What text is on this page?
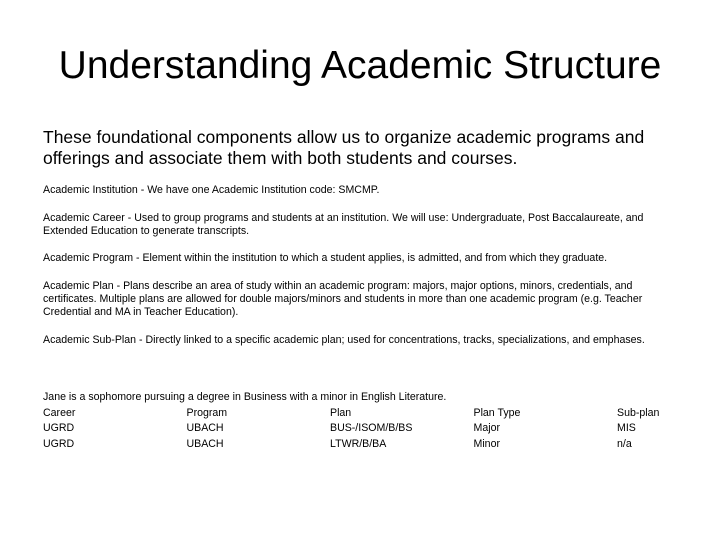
Understanding Academic Structure
These foundational components allow us to organize academic programs and offerings and associate them with both students and courses.
Academic Institution - We have one Academic Institution code: SMCMP.
Academic Career - Used to group programs and students at an institution. We will use: Undergraduate, Post Baccalaureate, and Extended Education to generate transcripts.
Academic Program - Element within the institution to which a student applies, is admitted, and from which they graduate.
Academic Plan - Plans describe an area of study within an academic program: majors, major options, minors, credentials, and certificates. Multiple plans are allowed for double majors/minors and students in more than one academic program (e.g. Teacher Credential and MA in Teacher Education).
Academic Sub-Plan - Directly linked to a specific academic plan; used for concentrations, tracks, specializations, and emphases.
Jane is a sophomore pursuing a degree in Business with a minor in English Literature.
Career	Program	Plan	Plan Type	Sub-plan
UGRD	UBACH	BUS-/ISOM/B/BS	Major	MIS
UGRD	UBACH	LTWR/B/BA	Minor	n/a
